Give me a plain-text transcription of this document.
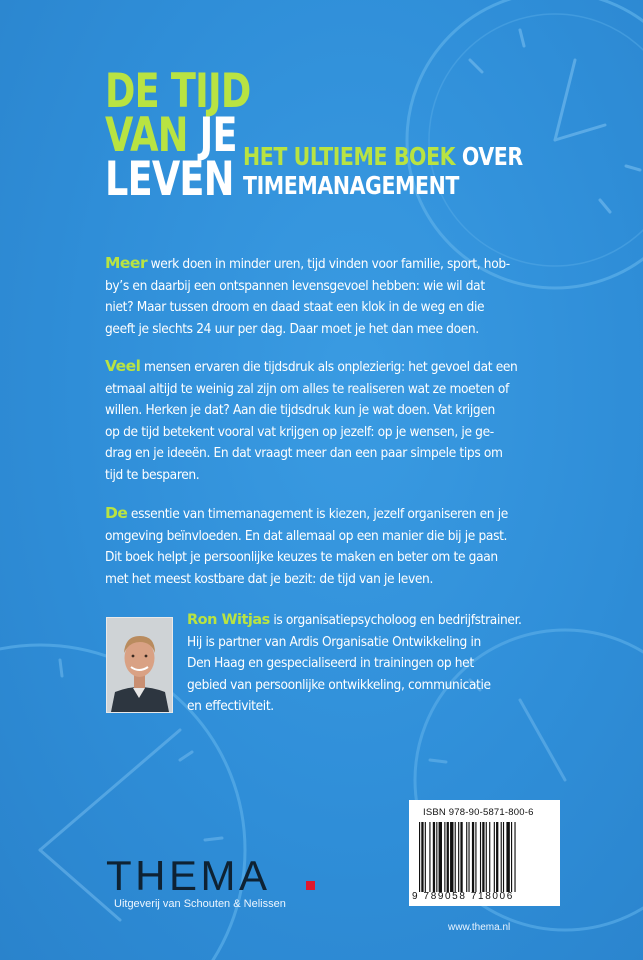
DE TIJD
VAN JE
LEVEN HET ULTIEME BOEK OVER
TIMEMANAGEMENT
Meer werk doen in minder uren, tijd vinden voor familie, sport, hob-
by’s en daarbij een ontspannen levensgevoel hebben: wie wil dat
niet? Maar tussen droom en daad staat een klok in de weg en die
geeft je slechts 24 uur per dag. Daar moet je het dan mee doen.
Veel mensen ervaren die tijdsdruk als onplezierig: het gevoel dat een
etmaal altijd te weinig zal zijn om alles te realiseren wat ze moeten of
willen. Herken je dat? Aan die tijdsdruk kun je wat doen. Vat krijgen
op de tijd betekent vooral vat krijgen op jezelf: op je wensen, je ge-
drag en je ideeën. En dat vraagt meer dan een paar simpele tips om
tijd te besparen.
De essentie van timemanagement is kiezen, jezelf organiseren en je
omgeving beïnvloeden. En dat allemaal op een manier die bij je past.
Dit boek helpt je persoonlijke keuzes te maken en beter om te gaan
met het meest kostbare dat je bezit: de tijd van je leven.
Ron Witjas is organisatiepsycholoog en bedrijfstrainer.
Hij is partner van Ardis Organisatie Ontwikkeling in
Den Haag en gespecialiseerd in trainingen op het
gebied van persoonlijke ontwikkeling, communicatie
en effectiviteit.
ISBN 978-90-5871-800-6
9 789058 718006
www.thema.nl
THEMA
Uitgeverij van Schouten & Nelissen
